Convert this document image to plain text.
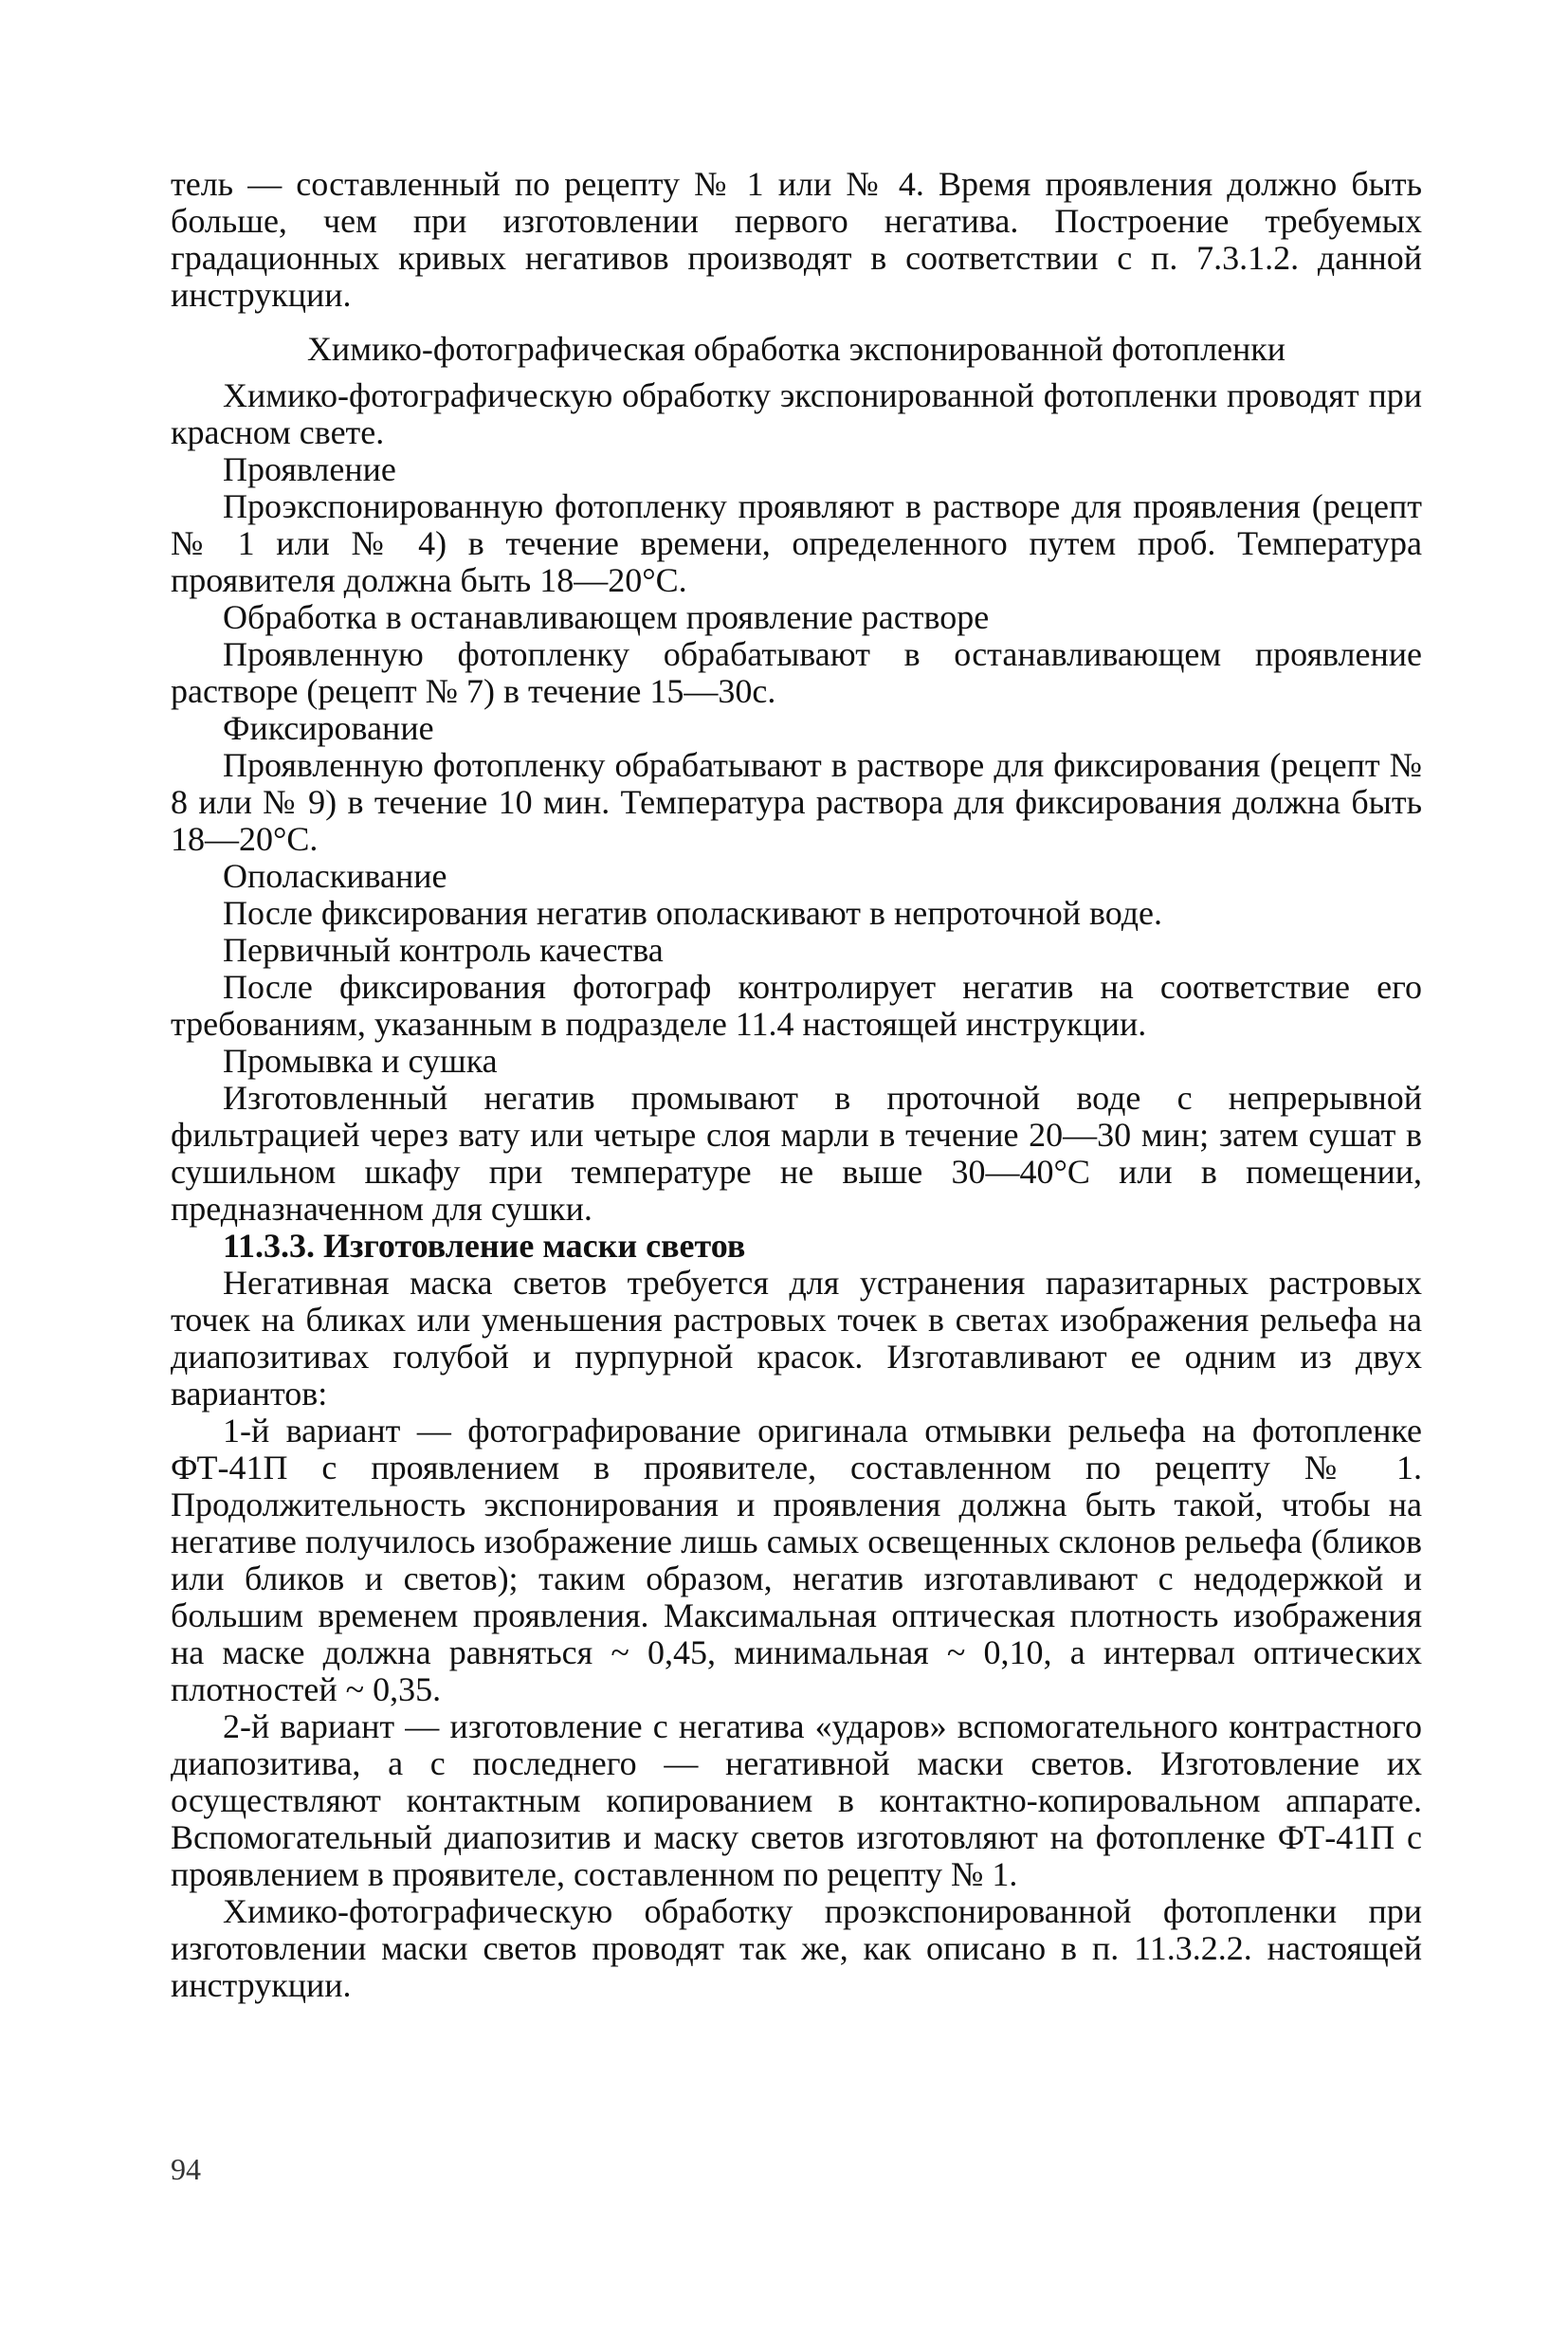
тель — составленный по рецепту № 1 или № 4. Время проявления должно быть больше, чем при изготовлении первого негатива. Построение требуемых градационных кривых негативов производят в соответствии с п. 7.3.1.2. данной инструкции.

Химико-фотографическая обработка экспонированной фотопленки

Химико-фотографическую обработку экспонированной фотопленки проводят при красном свете.

Проявление

Проэкспонированную фотопленку проявляют в растворе для проявления (рецепт № 1 или № 4) в течение времени, определенного путем проб. Температура проявителя должна быть 18—20°С.

Обработка в останавливающем проявление растворе

Проявленную фотопленку обрабатывают в останавливающем проявление растворе (рецепт № 7) в течение 15—30с.

Фиксирование

Проявленную фотопленку обрабатывают в растворе для фиксирования (рецепт № 8 или № 9) в течение 10 мин. Температура раствора для фиксирования должна быть 18—20°С.

Ополаскивание

После фиксирования негатив ополаскивают в непроточной воде.

Первичный контроль качества

После фиксирования фотограф контролирует негатив на соответствие его требованиям, указанным в подразделе 11.4 настоящей инструкции.

Промывка и сушка

Изготовленный негатив промывают в проточной воде с непрерывной фильтрацией через вату или четыре слоя марли в течение 20—30 мин; затем сушат в сушильном шкафу при температуре не выше 30—40°С или в помещении, предназначенном для сушки.

11.3.3. Изготовление маски светов

Негативная маска светов требуется для устранения паразитарных растровых точек на бликах или уменьшения растровых точек в светах изображения рельефа на диапозитивах голубой и пурпурной красок. Изготавливают ее одним из двух вариантов:

1-й вариант — фотографирование оригинала отмывки рельефа на фотопленке ФТ-41П с проявлением в проявителе, составленном по рецепту № 1. Продолжительность экспонирования и проявления должна быть такой, чтобы на негативе получилось изображение лишь самых освещенных склонов рельефа (бликов или бликов и светов); таким образом, негатив изготавливают с недодержкой и большим временем проявления. Максимальная оптическая плотность изображения на маске должна равняться ~ 0,45, минимальная ~ 0,10, а интервал оптических плотностей ~ 0,35.

2-й вариант — изготовление с негатива «ударов» вспомогательного контрастного диапозитива, а с последнего — негативной маски светов. Изготовление их осуществляют контактным копированием в контактно-копировальном аппарате. Вспомогательный диапозитив и маску светов изготовляют на фотопленке ФТ-41П с проявлением в проявителе, составленном по рецепту № 1.

Химико-фотографическую обработку проэкспонированной фотопленки при изготовлении маски светов проводят так же, как описано в п. 11.3.2.2. настоящей инструкции.

94
